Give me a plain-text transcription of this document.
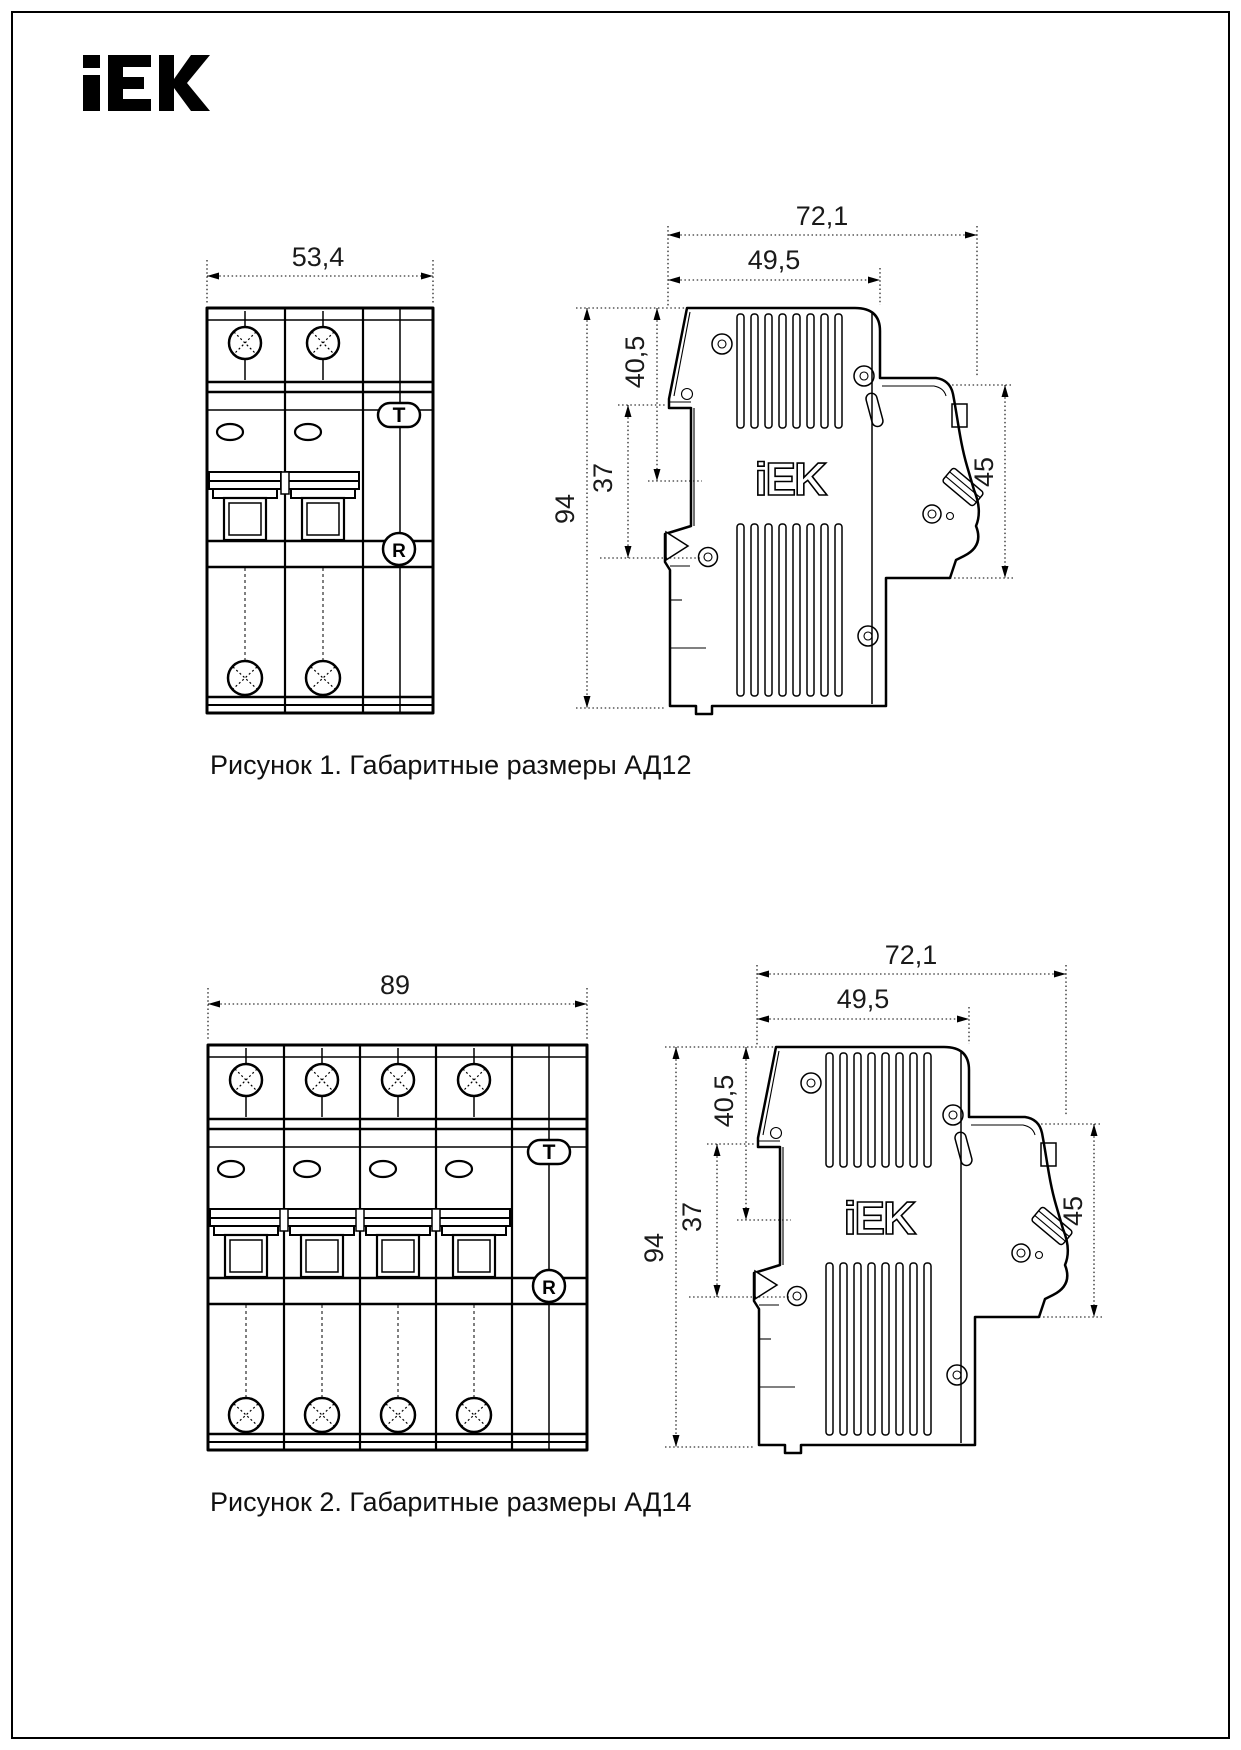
T
R
53,4
iEK
72,1
49,5
94
40,5
37	45
T
R
89
72,1
49,5
94
40,5
37	45
Рисунок 1. Габаритные размеры АД12
Рисунок 2. Габаритные размеры АД14
